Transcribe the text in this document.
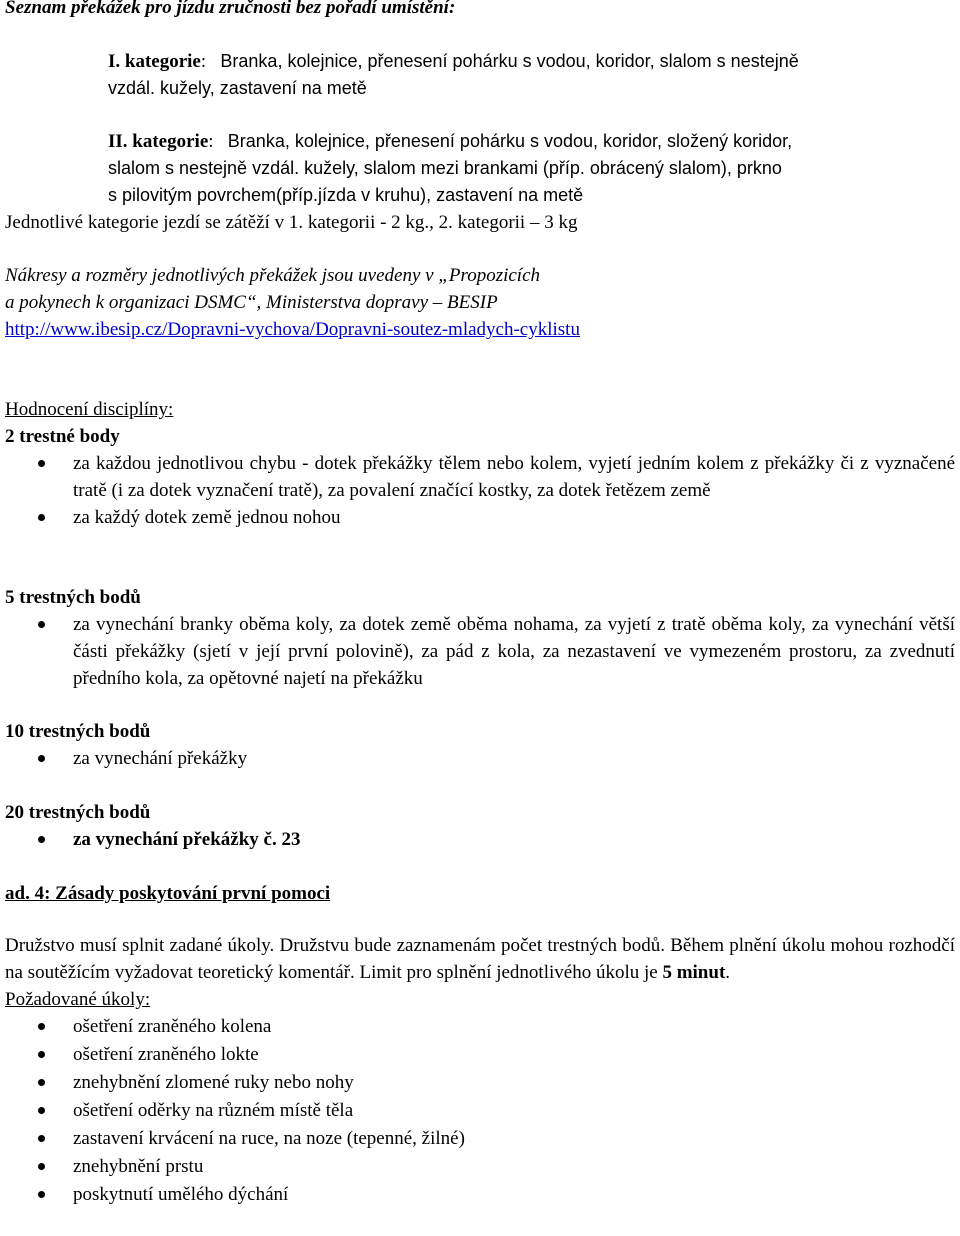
Seznam překážek pro jízdu zručnosti bez pořadí umístění:

I. kategorie: Branka, kolejnice, přenesení pohárku s vodou, koridor, slalom s nestejně
vzdál. kužely, zastavení na metě
II. kategorie: Branka, kolejnice, přenesení pohárku s vodou, koridor, složený koridor,
slalom s nestejně vzdál. kužely, slalom mezi brankami (příp. obrácený slalom), prkno
s pilovitým povrchem(příp.jízda v kruhu), zastavení na metě

Jednotlivé kategorie jezdí se zátěží v 1. kategorii - 2 kg., 2. kategorii – 3 kg

Nákresy a rozměry jednotlivých překážek jsou uvedeny v „Propozicích
a pokynech k organizaci DSMC“, Ministerstva dopravy – BESIP
http://www.ibesip.cz/Dopravni-vychova/Dopravni-soutez-mladych-cyklistu
Hodnocení disciplíny:
2 trestné body
za každou jednotlivou chybu - dotek překážky tělem nebo kolem, vyjetí jedním kolem z překážky či z vyznačené tratě (i za dotek vyznačení tratě), za povalení značící kostky, za dotek řetězem země
za každý dotek země jednou nohou
5 trestných bodů
za vynechání branky oběma koly, za dotek země oběma nohama, za vyjetí z tratě oběma koly, za vynechání větší části překážky (sjetí v její první polovině), za pád z kola, za nezastavení ve vymezeném prostoru, za zvednutí předního kola, za opětovné najetí na překážku
10 trestných bodů
za vynechání překážky
20 trestných bodů
za vynechání překážky č. 23
ad. 4: Zásady poskytování první pomoci

Družstvo musí splnit zadané úkoly. Družstvu bude zaznamenám počet trestných bodů. Během plnění úkolu mohou rozhodčí na soutěžícím vyžadovat teoretický komentář. Limit pro splnění jednotlivého úkolu je 5 minut.

Požadované úkoly:
ošetření zraněného kolena
ošetření zraněného lokte
znehybnění zlomené ruky nebo nohy
ošetření oděrky na různém místě těla
zastavení krvácení na ruce, na noze (tepenné, žilné)
znehybnění prstu
poskytnutí umělého dýchání
